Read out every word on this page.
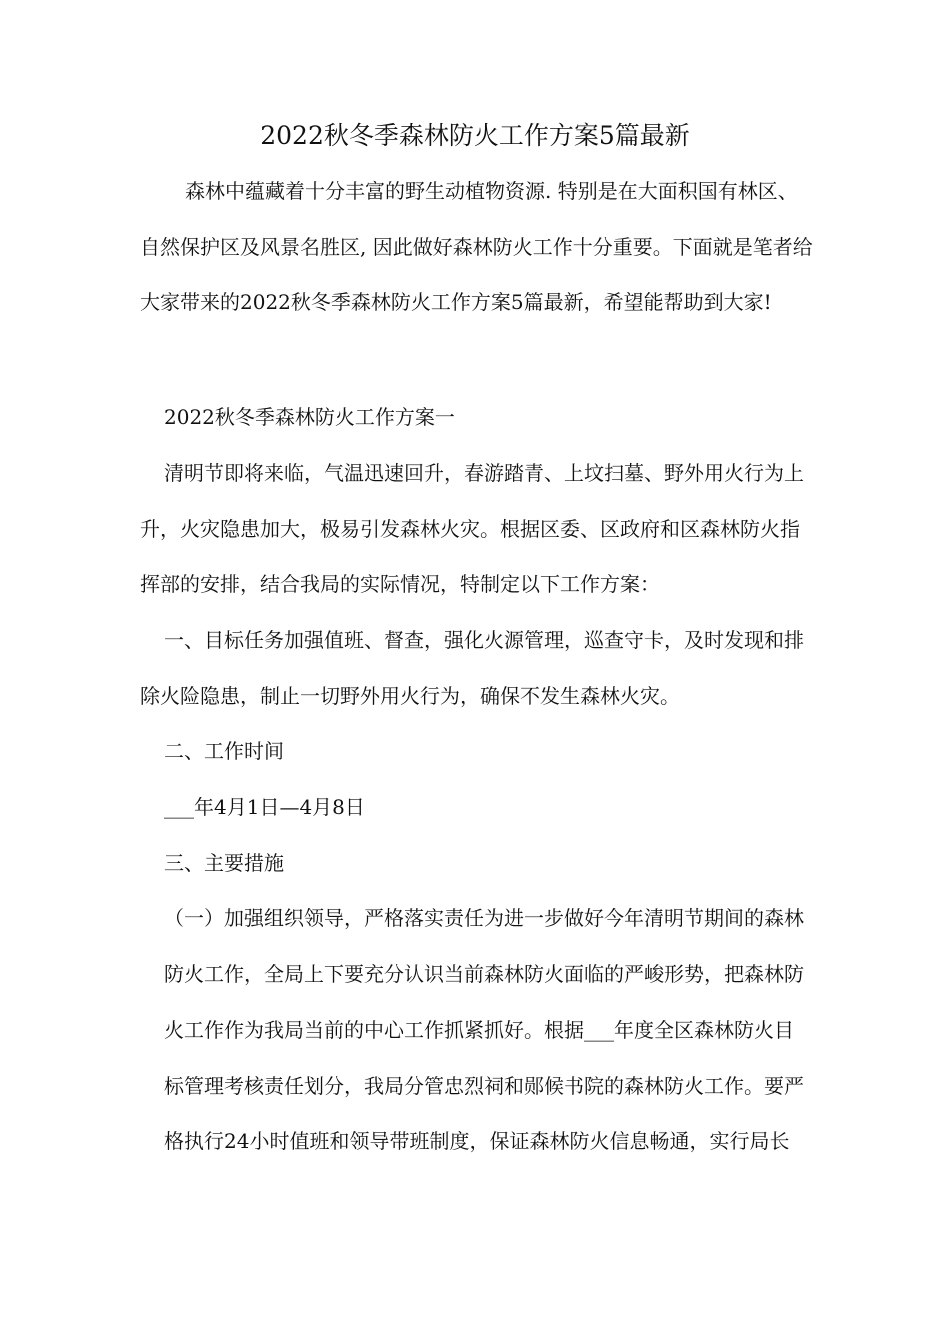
2022秋冬季森林防火工作方案5篇最新
森林中蕴藏着十分丰富的野生动植物资源. 特别是在大面积国有林区、
自然保护区及风景名胜区, 因此做好森林防火工作十分重要。下面就是笔者给
大家带来的2022秋冬季森林防火工作方案5篇最新，希望能帮助到大家!
2022秋冬季森林防火工作方案一
清明节即将来临，气温迅速回升，春游踏青、上坟扫墓、野外用火行为上
升，火灾隐患加大，极易引发森林火灾。根据区委、区政府和区森林防火指
挥部的安排，结合我局的实际情况，特制定以下工作方案：
一、目标任务加强值班、督查，强化火源管理，巡查守卡，及时发现和排
除火险隐患，制止一切野外用火行为，确保不发生森林火灾。
二、工作时间
___年4月1日—4月8日
三、主要措施
（一）加强组织领导，严格落实责任为进一步做好今年清明节期间的森林
防火工作，全局上下要充分认识当前森林防火面临的严峻形势，把森林防
火工作作为我局当前的中心工作抓紧抓好。根据___年度全区森林防火目
标管理考核责任划分，我局分管忠烈祠和郧候书院的森林防火工作。要严
格执行24小时值班和领导带班制度，保证森林防火信息畅通，实行局长
